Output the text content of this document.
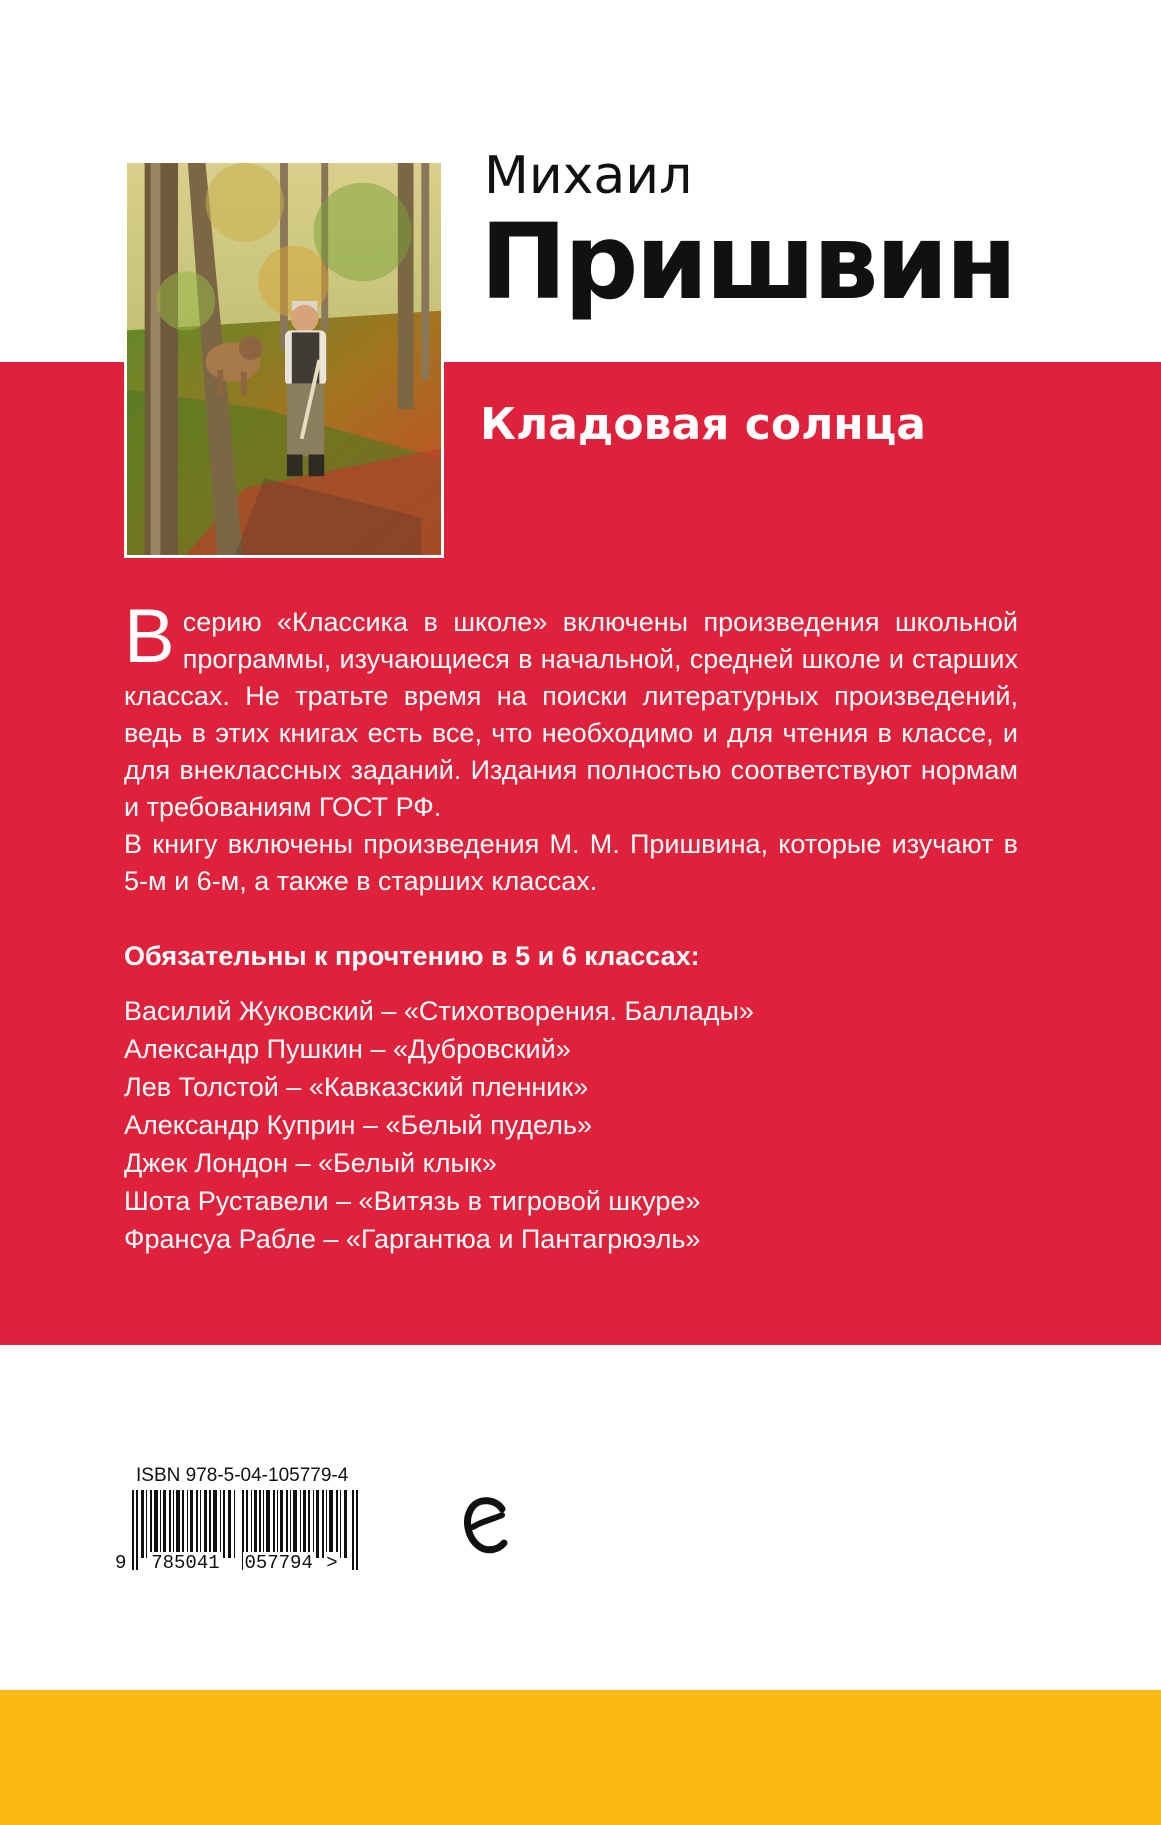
Михаил
Пришвин
Кладовая солнца

В серию «Классика в школе» включены произведения школьной программы, изучающиеся в начальной, средней школе и старших классах. Не тратьте время на поиски литературных произведений, ведь в этих книгах есть все, что необходимо и для чтения в классе, и для внеклассных заданий. Издания полностью соответствуют нормам и требованиям ГОСТ РФ.

В книгу включены произведения М. М. Пришвина, которые изучают в 5-м и 6-м, а также в старших классах.

Обязательны к прочтению в 5 и 6 классах:
Василий Жуковский – «Стихотворения. Баллады»
Александр Пушкин – «Дубровский»
Лев Толстой – «Кавказский пленник»
Александр Куприн – «Белый пудель»
Джек Лондон – «Белый клык»
Шота Руставели – «Витязь в тигровой шкуре»
Франсуа Рабле – «Гаргантюа и Пантагрюэль»
ISBN 978-5-04-105779-4
9 785041 057794 >
